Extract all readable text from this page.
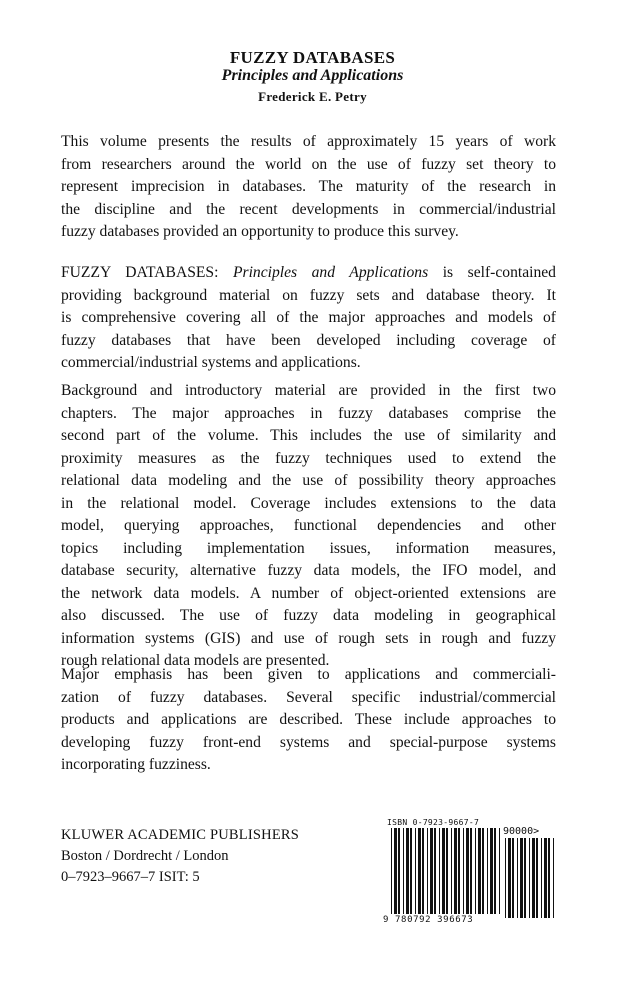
FUZZY DATABASES
Principles and Applications
Frederick E. Petry
This volume presents the results of approximately 15 years of work
from researchers around the world on the use of fuzzy set theory to
represent imprecision in databases. The maturity of the research in
the discipline and the recent developments in commercial/industrial
fuzzy databases provided an opportunity to produce this survey.
FUZZY DATABASES: Principles and Applications is self-contained
providing background material on fuzzy sets and database theory. It
is comprehensive covering all of the major approaches and models of
fuzzy databases that have been developed including coverage of
commercial/industrial systems and applications.
Background and introductory material are provided in the first two
chapters. The major approaches in fuzzy databases comprise the
second part of the volume. This includes the use of similarity and
proximity measures as the fuzzy techniques used to extend the
relational data modeling and the use of possibility theory approaches
in the relational model. Coverage includes extensions to the data
model, querying approaches, functional dependencies and other
topics including implementation issues, information measures,
database security, alternative fuzzy data models, the IFO model, and
the network data models. A number of object-oriented extensions are
also discussed. The use of fuzzy data modeling in geographical
information systems (GIS) and use of rough sets in rough and fuzzy
rough relational data models are presented.
Major emphasis has been given to applications and commerciali-
zation of fuzzy databases. Several specific industrial/commercial
products and applications are described. These include approaches to
developing fuzzy front-end systems and special-purpose systems
incorporating fuzziness.
KLUWER ACADEMIC PUBLISHERS
Boston / Dordrecht / London
0–7923–9667–7 ISIT: 5
ISBN 0-7923-9667-7
90000>
9 780792 396673
